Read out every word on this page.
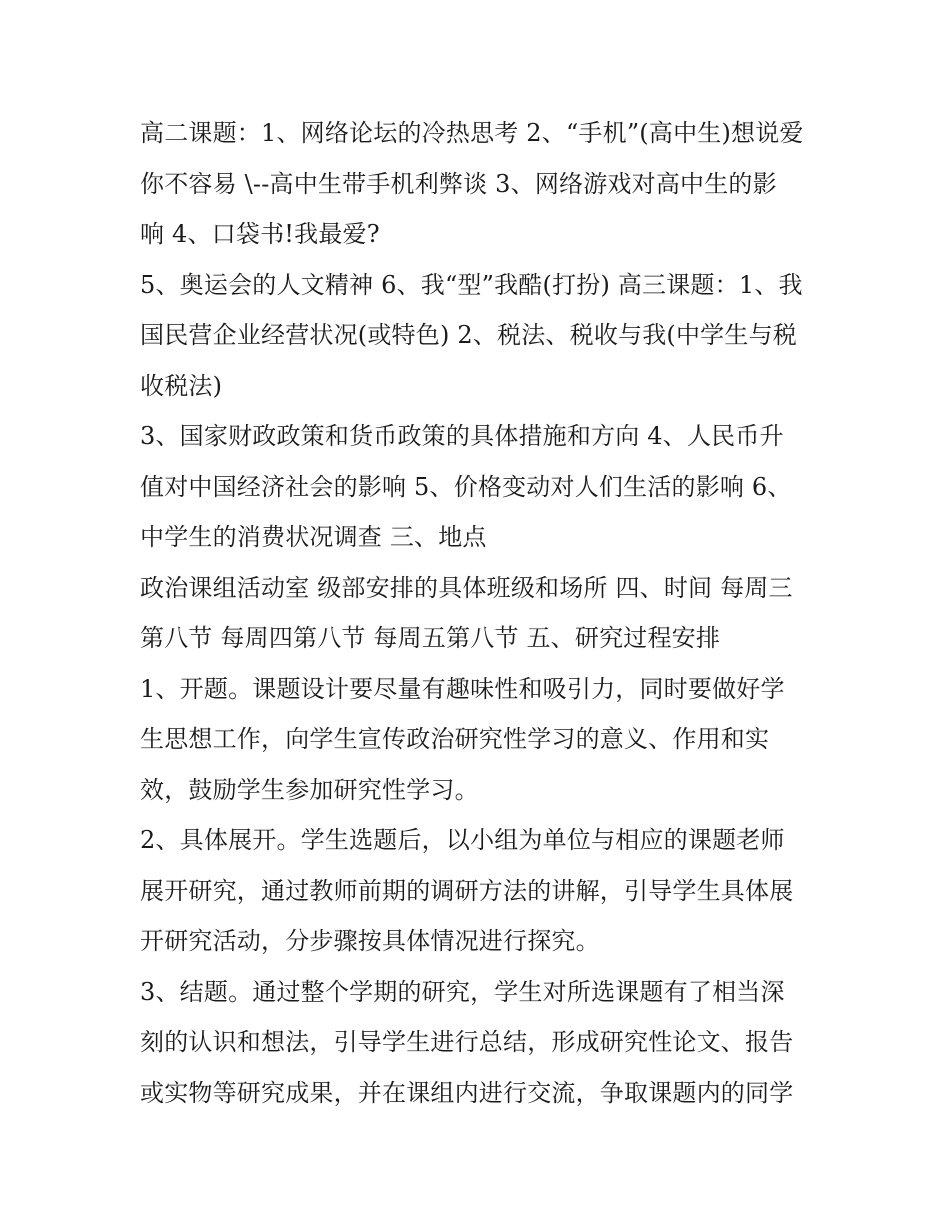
高二课题：1、网络论坛的冷热思考 2、“手机”(高中生)想说爱
你不容易 \--高中生带手机利弊谈 3、网络游戏对高中生的影
响 4、口袋书!我最爱?
5、奥运会的人文精神 6、我“型”我酷(打扮) 高三课题：1、我
国民营企业经营状况(或特色) 2、税法、税收与我(中学生与税
收税法)
3、国家财政政策和货币政策的具体措施和方向 4、人民币升
值对中国经济社会的影响 5、价格变动对人们生活的影响 6、
中学生的消费状况调查 三、地点
政治课组活动室 级部安排的具体班级和场所 四、时间 每周三
第八节 每周四第八节 每周五第八节 五、研究过程安排
1、开题。课题设计要尽量有趣味性和吸引力，同时要做好学
生思想工作，向学生宣传政治研究性学习的意义、作用和实
效，鼓励学生参加研究性学习。
2、具体展开。学生选题后，以小组为单位与相应的课题老师
展开研究，通过教师前期的调研方法的讲解，引导学生具体展
开研究活动，分步骤按具体情况进行探究。
3、结题。通过整个学期的研究，学生对所选课题有了相当深
刻的认识和想法，引导学生进行总结，形成研究性论文、报告
或实物等研究成果，并在课组内进行交流，争取课题内的同学
